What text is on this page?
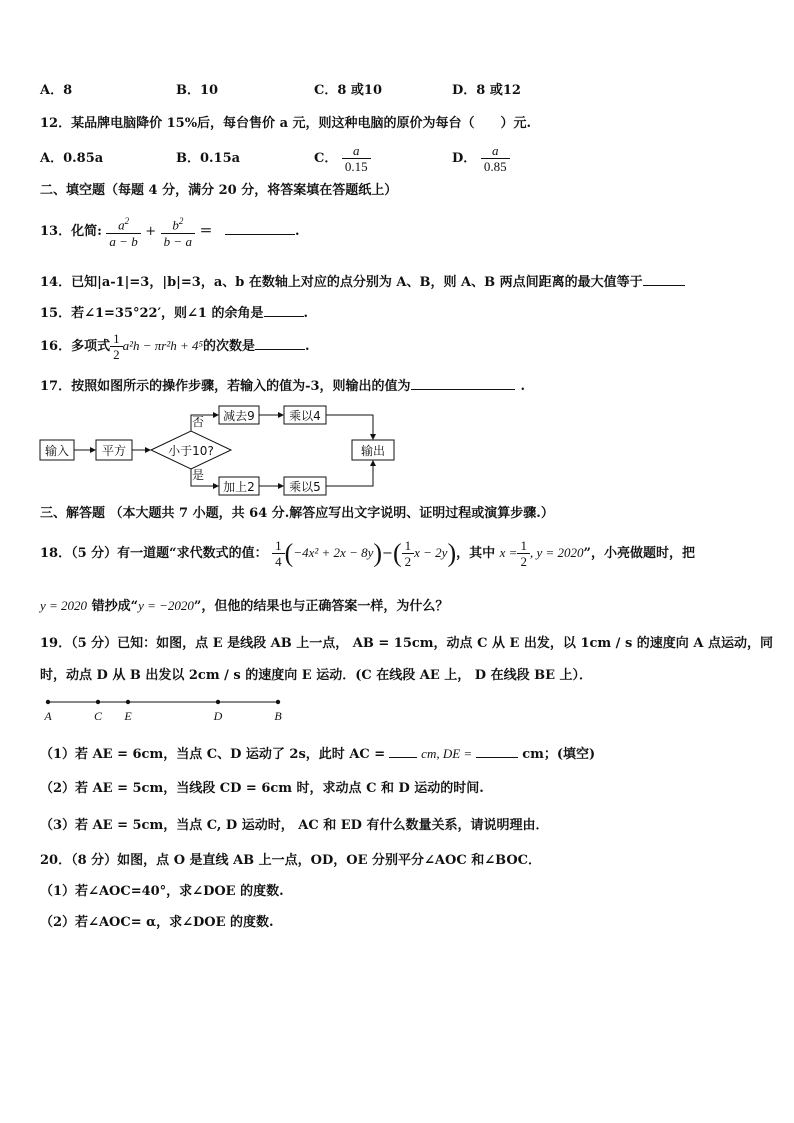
A．8	B．10	C．8 或10	D．8 或12
12．某品牌电脑降价 15%后，每台售价 a 元，则这种电脑的原价为每台（　　）元.
A．0.85a	B．0.15a	C． $\frac{a}{0.15}$	D． $\frac{a}{0.85}$
二、填空题（每题 4 分，满分 20 分，将答案填在答题纸上）
13．化简: $\frac{a^2}{a - b} + \frac{b^2}{b - a}$ ＝	.
14．已知|a-1|=3，|b|=3，a、b 在数轴上对应的点分别为 A、B，则 A、B 两点间距离的最大值等于
15．若∠1=35°22′，则∠1 的余角是	.
16．多项式 $\frac{1}{2} a^2h - \pi r^2h + 4^5$的次数是	.
17．按照如图所示的操作步骤，若输入的值为-3，则输出的值为	.
输入	平方	小于10?
否
是
减去9	乘以4
加上2	乘以5
输出
三、解答题 （本大题共 7 小题，共 64 分.解答应写出文字说明、证明过程或演算步骤.）
18．（5 分）有一道题“求代数式的值： $\frac{1}{4} (-4x^2 + 2x - 8y)-( \frac{1}{2}$ x − 2y)，其中 $x = \frac{1}{2}$ , y = 2020”，小亮做题时，把
y = 2020 错抄成“y = −2020”，但他的结果也与正确答案一样，为什么？
19．（5 分）已知：如图，点 E 是线段 AB 上一点， AB = 15cm，动点 C 从 E 出发，以 1cm / s 的速度向 A 点运动，同
时，动点 D 从 B 出发以 2cm / s 的速度向 E 运动．(C 在线段 AE 上， D 在线段 BE 上）．
A	C E	D	B
（1）若 AE = 6cm，当点 C、D 运动了 2s，此时 AC =	cm, DE =	cm；(填空)
（2）若 AE = 5cm，当线段 CD = 6cm 时，求动点 C 和 D 运动的时间.
（3）若 AE = 5cm，当点 C, D 运动时， AC 和 ED 有什么数量关系，请说明理由．
20．（8 分）如图，点 O 是直线 AB 上一点，OD，OE 分别平分∠AOC 和∠BOC．
（1）若∠AOC=40°，求∠DOE 的度数.
（2）若∠AOC= α，求∠DOE 的度数.
